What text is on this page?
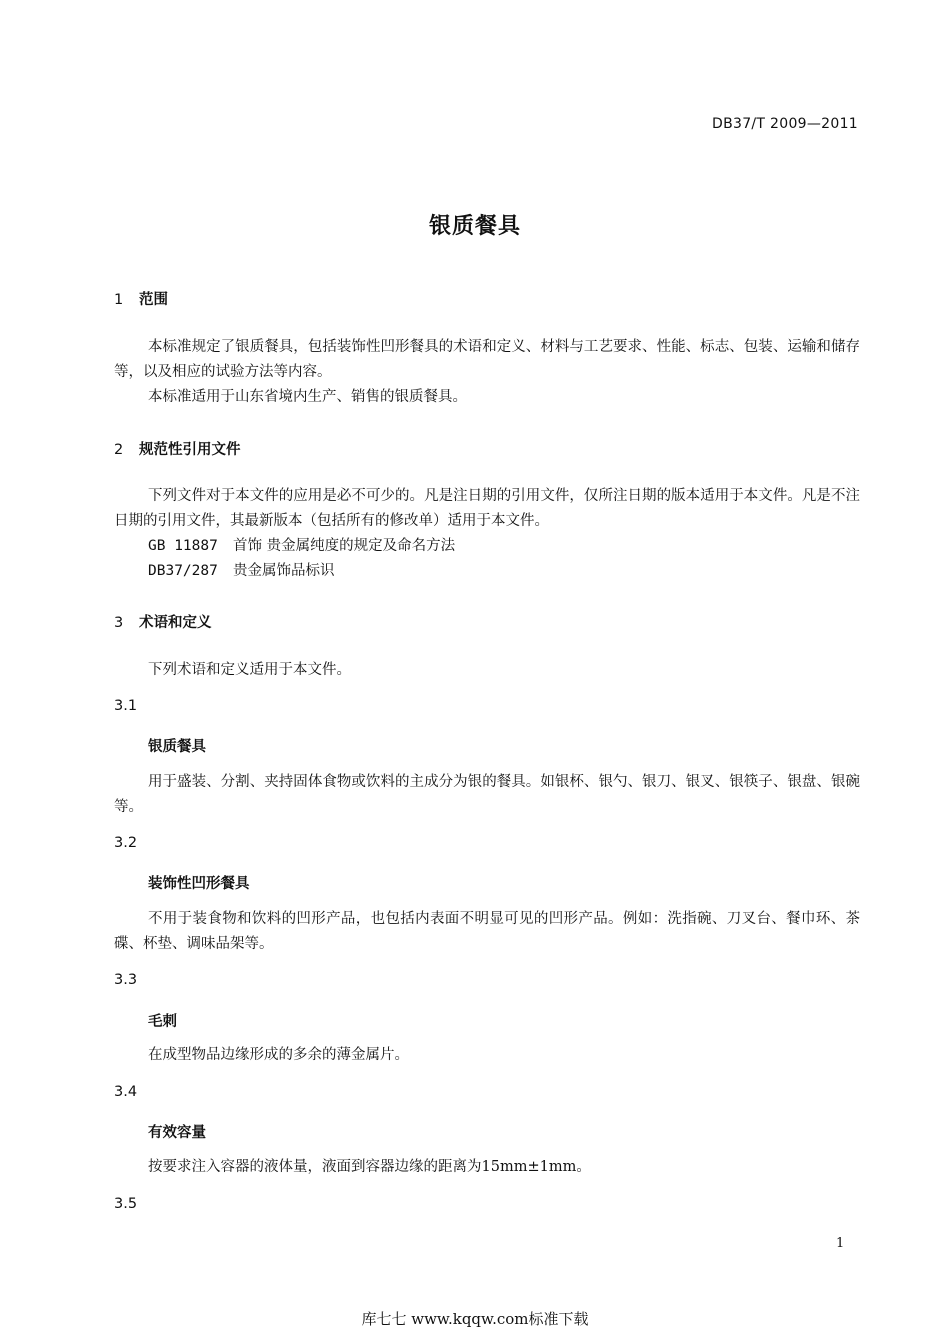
DB37/T 2009—2011
银质餐具
1 范围
本标准规定了银质餐具，包括装饰性凹形餐具的术语和定义、材料与工艺要求、性能、标志、包装、运输和储存等，以及相应的试验方法等内容。
本标准适用于山东省境内生产、销售的银质餐具。
2 规范性引用文件
下列文件对于本文件的应用是必不可少的。凡是注日期的引用文件，仅所注日期的版本适用于本文件。凡是不注日期的引用文件，其最新版本（包括所有的修改单）适用于本文件。
GB 11887 首饰 贵金属纯度的规定及命名方法
DB37/287 贵金属饰品标识
3 术语和定义
下列术语和定义适用于本文件。
3.1
银质餐具
用于盛装、分割、夹持固体食物或饮料的主成分为银的餐具。如银杯、银勺、银刀、银叉、银筷子、银盘、银碗等。
3.2
装饰性凹形餐具
不用于装食物和饮料的凹形产品，也包括内表面不明显可见的凹形产品。例如：洗指碗、刀叉台、餐巾环、茶碟、杯垫、调味品架等。
3.3
毛刺
在成型物品边缘形成的多余的薄金属片。
3.4
有效容量
按要求注入容器的液体量，液面到容器边缘的距离为15mm±1mm。
3.5
1
库七七 www.kqqw.com标准下载
